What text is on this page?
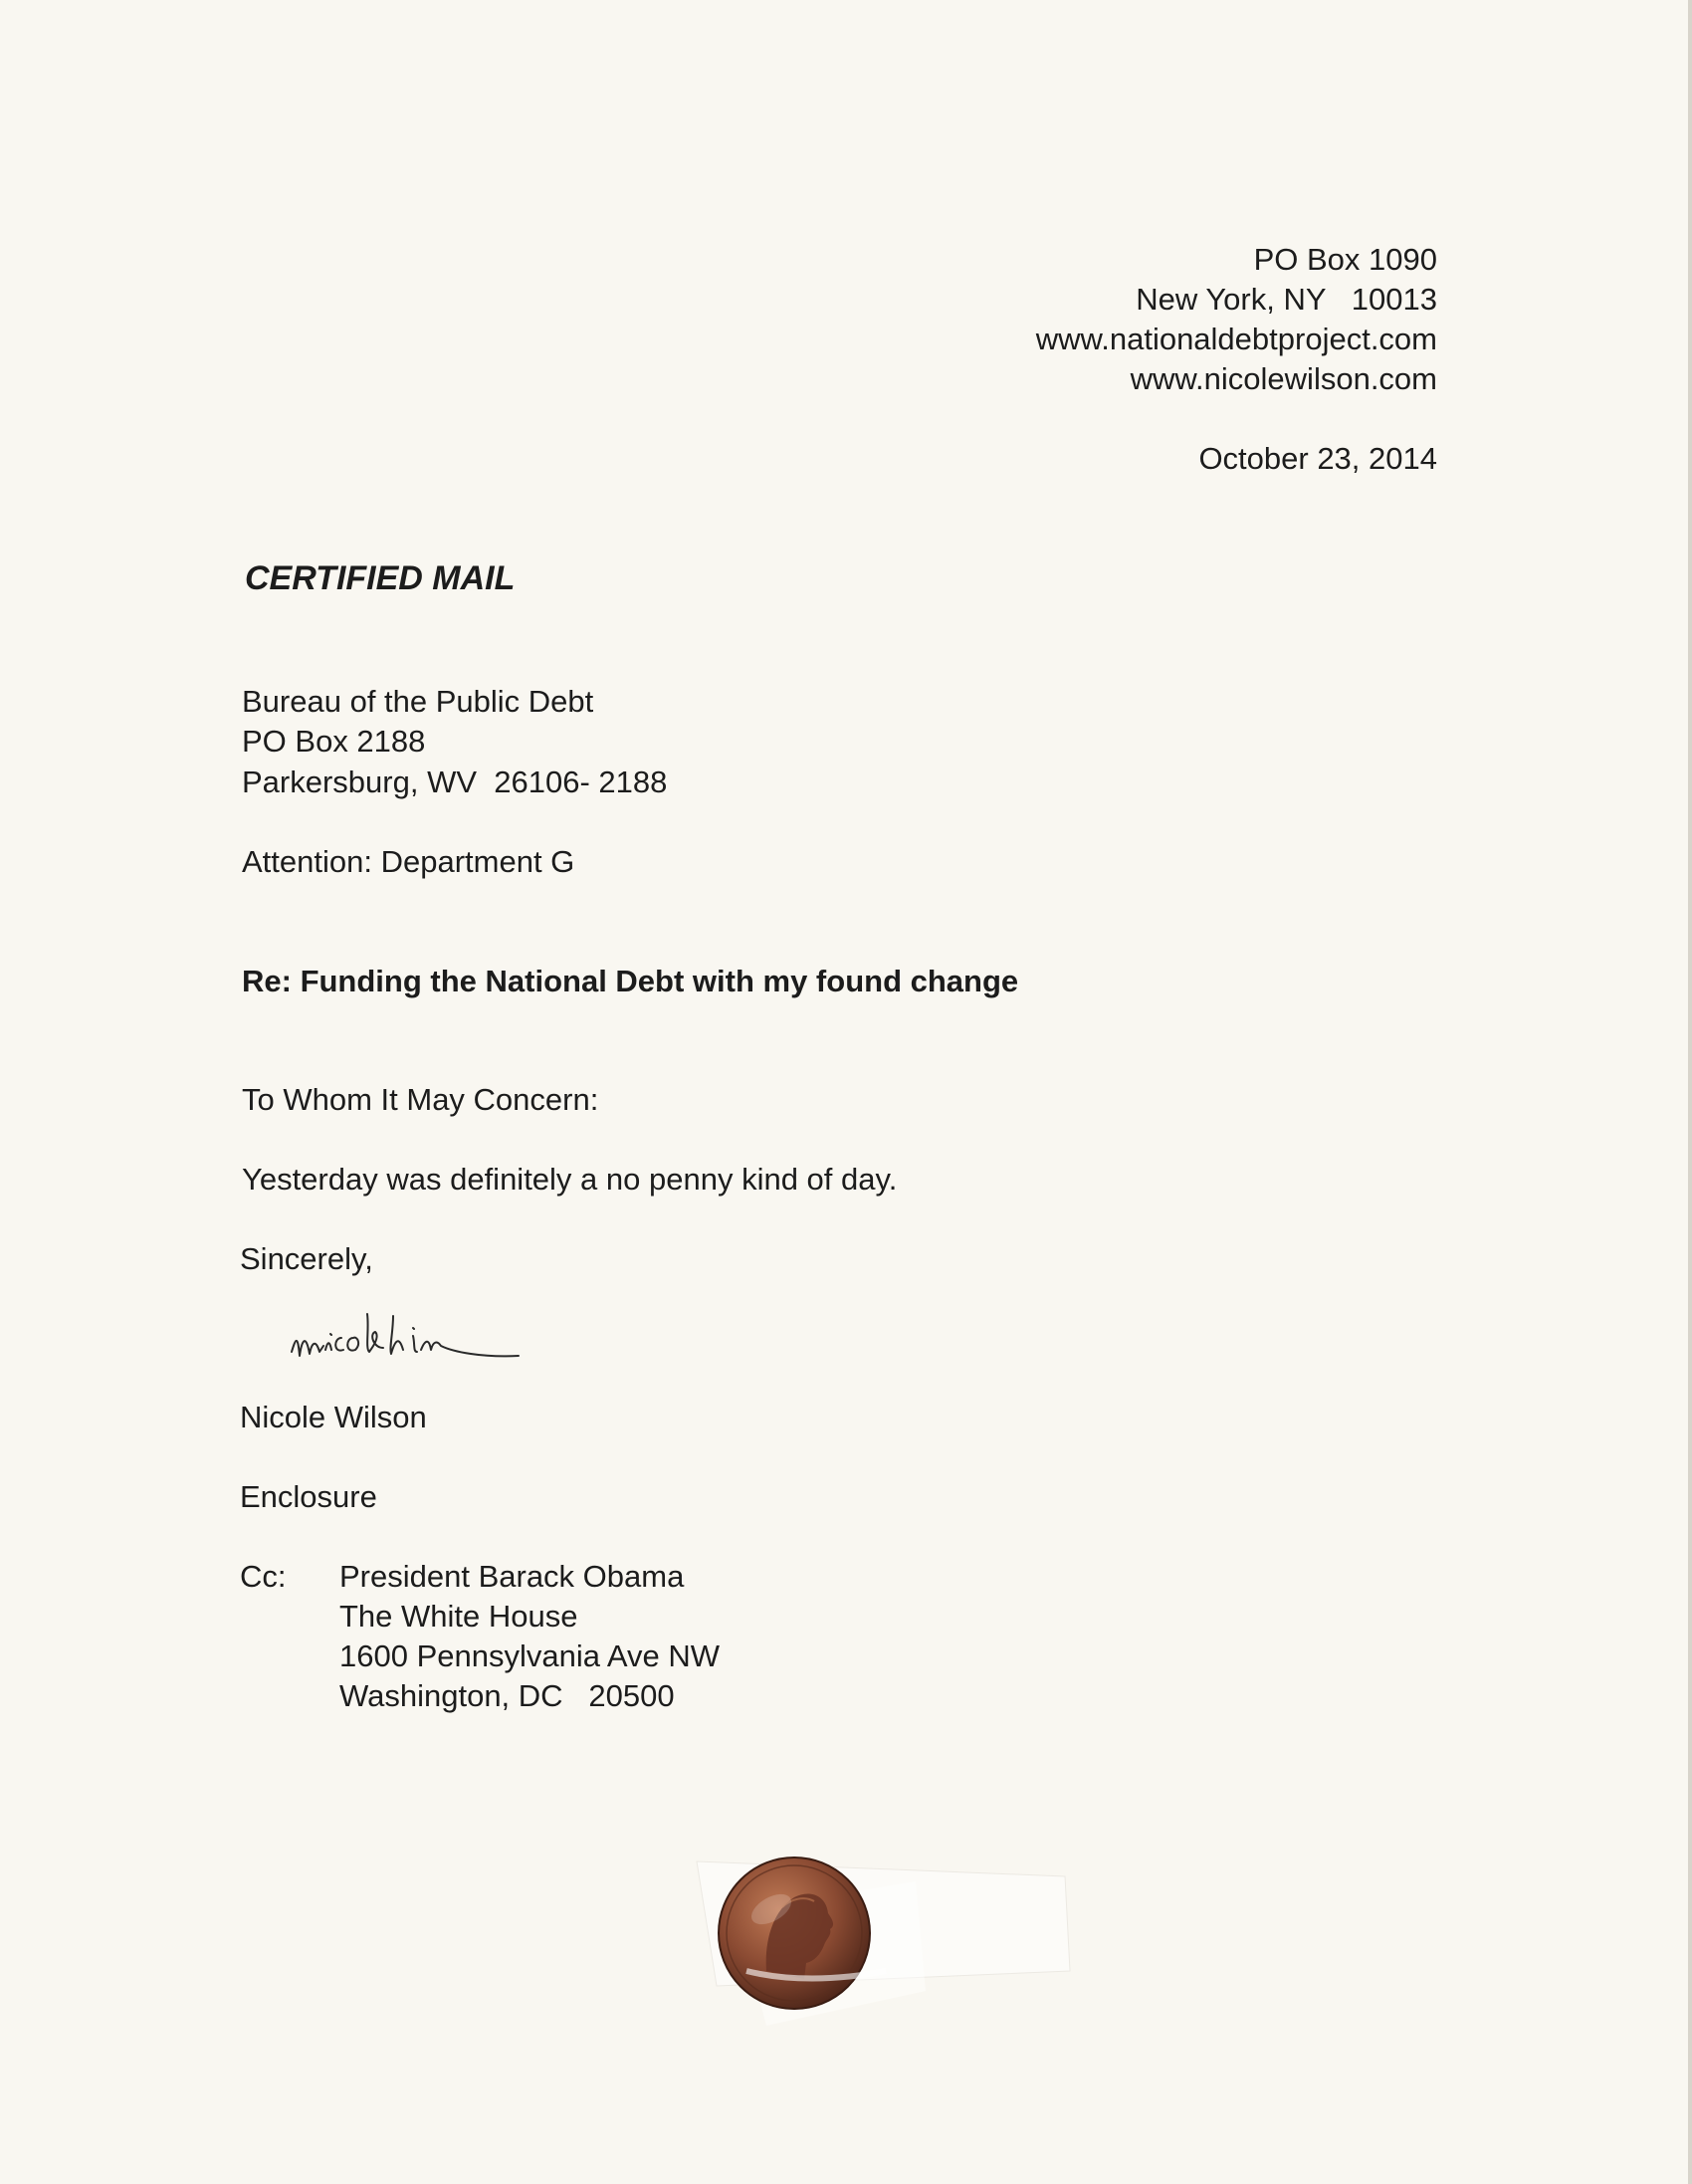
PO Box 1090
New York, NY   10013
www.nationaldebtproject.com
www.nicolewilson.com
October 23, 2014
CERTIFIED MAIL
Bureau of the Public Debt
PO Box 2188
Parkersburg, WV  26106- 2188
Attention: Department G
Re: Funding the National Debt with my found change
To Whom It May Concern:
Yesterday was definitely a no penny kind of day.
Sincerely,
Nicole Wilson
Enclosure
Cc: President Barack Obama
The White House
1600 Pennsylvania Ave NW
Washington, DC   20500
